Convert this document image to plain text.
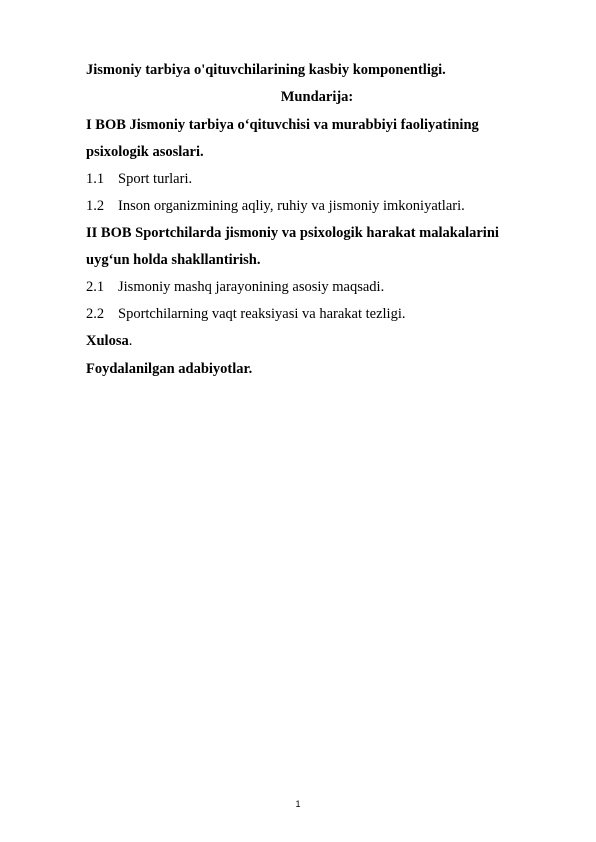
Jismoniy tarbiya o'qituvchilarining kasbiy komponentligi.
Mundarija:
I BOB Jismoniy tarbiya o‘qituvchisi va murabbiyi faoliyatining
psixologik asoslari.
1.1 Sport turlari.
1.2 Inson organizmining aqliy, ruhiy va jismoniy imkoniyatlari.
II BOB Sportchilarda jismoniy va psixologik harakat malakalarini
uyg‘un holda shakllantirish.
2.1 Jismoniy mashq jarayonining asosiy maqsadi.
2.2 Sportchilarning vaqt reaksiyasi va harakat tezligi.
Xulosa.
Foydalanilgan adabiyotlar.
1
